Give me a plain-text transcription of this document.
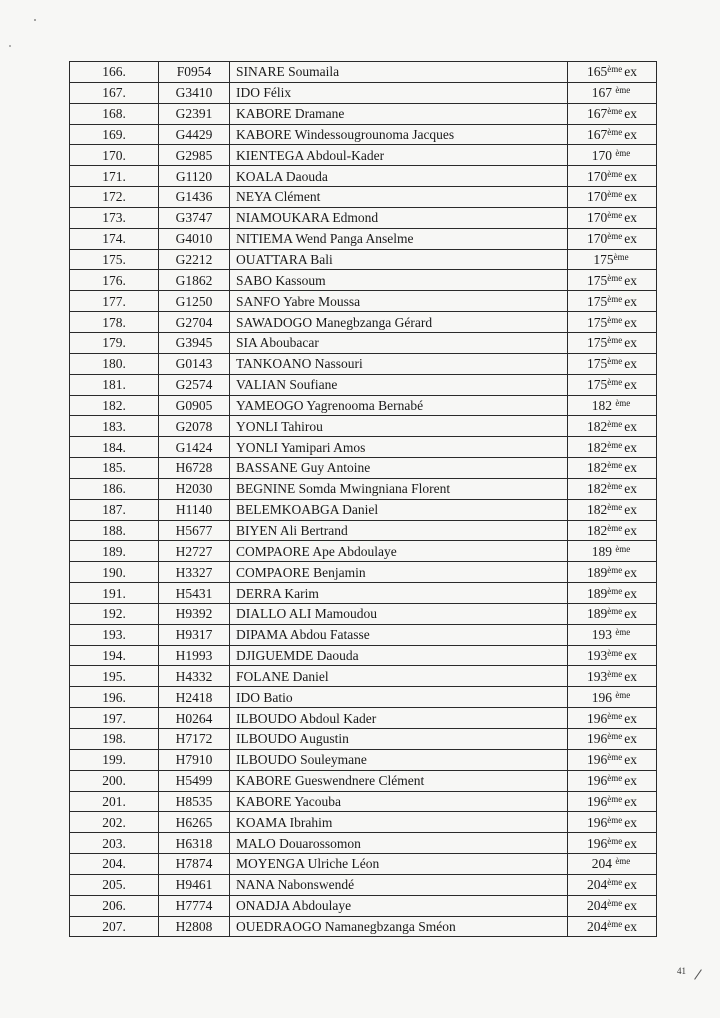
166.	F0954	SINARE Soumaila	165ème ex
167.	G3410	IDO Félix	167 $^{ème}$
168.	G2391	KABORE Dramane	167ème ex
169.	G4429	KABORE Windessougrounoma Jacques	167ème ex
170.	G2985	KIENTEGA Abdoul-Kader	170 $^{ème}$
171.	G1120	KOALA Daouda	170ème ex
172.	G1436	NEYA Clément	170ème ex
173.	G3747	NIAMOUKARA Edmond	170ème ex
174.	G4010	NITIEMA Wend Panga Anselme	170ème ex
175.	G2212	OUATTARA Bali	175ème
176.	G1862	SABO Kassoum	175ème ex
177.	G1250	SANFO Yabre Moussa	175ème ex
178.	G2704	SAWADOGO Manegbzanga Gérard	175ème ex
179.	G3945	SIA Aboubacar	175ème ex
180.	G0143	TANKOANO Nassouri	175ème ex
181.	G2574	VALIAN Soufiane	175ème ex
182.	G0905	YAMEOGO Yagrenooma Bernabé	182 $^{ème}$
183.	G2078	YONLI Tahirou	182ème ex
184.	G1424	YONLI Yamipari Amos	182ème ex
185.	H6728	BASSANE Guy Antoine	182ème ex
186.	H2030	BEGNINE Somda Mwingniana Florent	182ème ex
187.	H1140	BELEMKOABGA Daniel	182ème ex
188.	H5677	BIYEN Ali Bertrand	182ème ex
189.	H2727	COMPAORE Ape Abdoulaye	189 $^{ème}$
190.	H3327	COMPAORE Benjamin	189ème ex
191.	H5431	DERRA Karim	189ème ex
192.	H9392	DIALLO ALI Mamoudou	189ème ex
193.	H9317	DIPAMA Abdou Fatasse	193 $^{ème}$
194.	H1993	DJIGUEMDE Daouda	193ème ex
195.	H4332	FOLANE Daniel	193ème ex
196.	H2418	IDO Batio	196 $^{ème}$
197.	H0264	ILBOUDO Abdoul Kader	196ème ex
198.	H7172	ILBOUDO Augustin	196ème ex
199.	H7910	ILBOUDO Souleymane	196ème ex
200.	H5499	KABORE Gueswendnere Clément	196ème ex
201.	H8535	KABORE Yacouba	196ème ex
202.	H6265	KOAMA Ibrahim	196ème ex
203.	H6318	MALO Douarossomon	196ème ex
204.	H7874	MOYENGA Ulriche Léon	204 $^{ème}$
205.	H9461	NANA Nabonswendé	204ème ex
206.	H7774	ONADJA Abdoulaye	204ème ex
207.	H2808	OUEDRAOGO Namanegbzanga Sméon	204ème ex
41
